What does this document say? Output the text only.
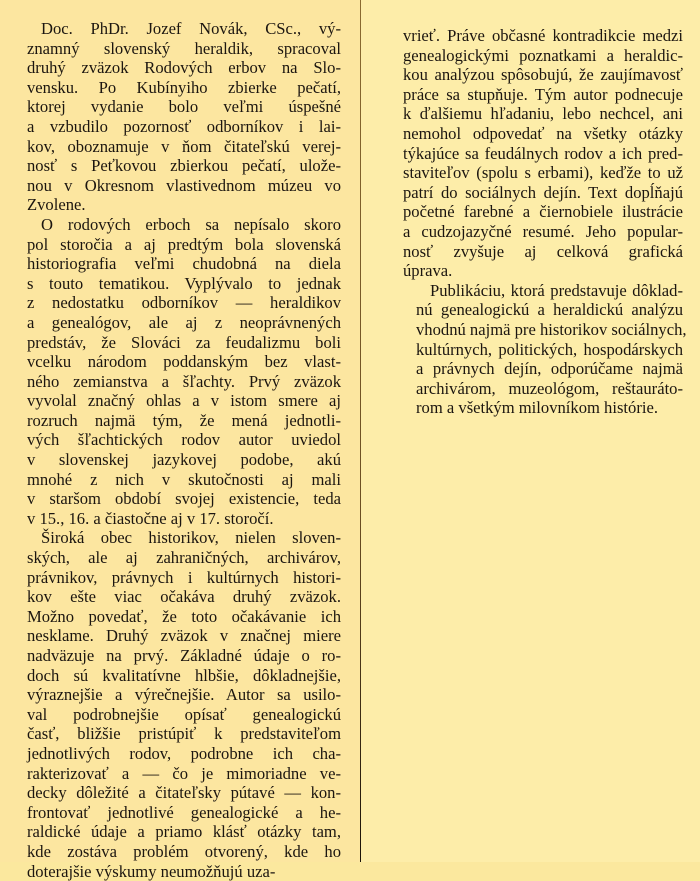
Doc. PhDr. Jozef Novák, CSc., vý-
znamný slovenský heraldik, spracoval
druhý zväzok Rodových erbov na Slo-
vensku. Po Kubínyiho zbierke pečatí,
ktorej vydanie bolo veľmi úspešné
a vzbudilo pozornosť odborníkov i lai-
kov, oboznamuje v ňom čitateľskú verej-
nosť s Peťkovou zbierkou pečatí, ulože-
nou v Okresnom vlastivednom múzeu vo
Zvolene.
O rodových erboch sa nepísalo skoro
pol storočia a aj predtým bola slovenská
historiografia veľmi chudobná na diela
s touto tematikou. Vyplývalo to jednak
z nedostatku odborníkov — heraldikov
a genealógov, ale aj z neoprávnených
predstáv, že Slováci za feudalizmu boli
vcelku národom poddanským bez vlast-
ného zemianstva a šľachty. Prvý zväzok
vyvolal značný ohlas a v istom smere aj
rozruch najmä tým, že mená jednotli-
vých šľachtických rodov autor uviedol
v slovenskej jazykovej podobe, akú
mnohé z nich v skutočnosti aj mali
v staršom období svojej existencie, teda
v 15., 16. a čiastočne aj v 17. storočí.
Široká obec historikov, nielen sloven-
ských, ale aj zahraničných, archivárov,
právnikov, právnych i kultúrnych histori-
kov ešte viac očakáva druhý zväzok.
Možno povedať, že toto očakávanie ich
nesklame. Druhý zväzok v značnej miere
nadväzuje na prvý. Základné údaje o ro-
doch sú kvalitatívne hlbšie, dôkladnejšie,
výraznejšie a výrečnejšie. Autor sa usilo-
val podrobnejšie opísať genealogickú
časť, bližšie pristúpiť k predstaviteľom
jednotlivých rodov, podrobne ich cha-
rakterizovať a — čo je mimoriadne ve-
decky dôležité a čitateľsky pútavé — kon-
frontovať jednotlivé genealogické a he-
raldické údaje a priamo klásť otázky tam,
kde zostáva problém otvorený, kde ho
doterajšie výskumy neumožňujú uza-
vrieť. Práve občasné kontradikcie medzi
genealogickými poznatkami a heraldic-
kou analýzou spôsobujú, že zaujímavosť
práce sa stupňuje. Tým autor podnecuje
k ďalšiemu hľadaniu, lebo nechcel, ani
nemohol odpovedať na všetky otázky
týkajúce sa feudálnych rodov a ich pred-
staviteľov (spolu s erbami), keďže to už
patrí do sociálnych dejín. Text dopĺňajú
početné farebné a čiernobiele ilustrácie
a cudzojazyčné resumé. Jeho popular-
nosť zvyšuje aj celková grafická
úprava.
Publikáciu, ktorá predstavuje dôklad-
nú genealogickú a heraldickú analýzu
vhodnú najmä pre historikov sociálnych,
kultúrnych, politických, hospodárskych
a právnych dejín, odporúčame najmä
archivárom, muzeológom, reštauráto-
rom a všetkým milovníkom histórie.
